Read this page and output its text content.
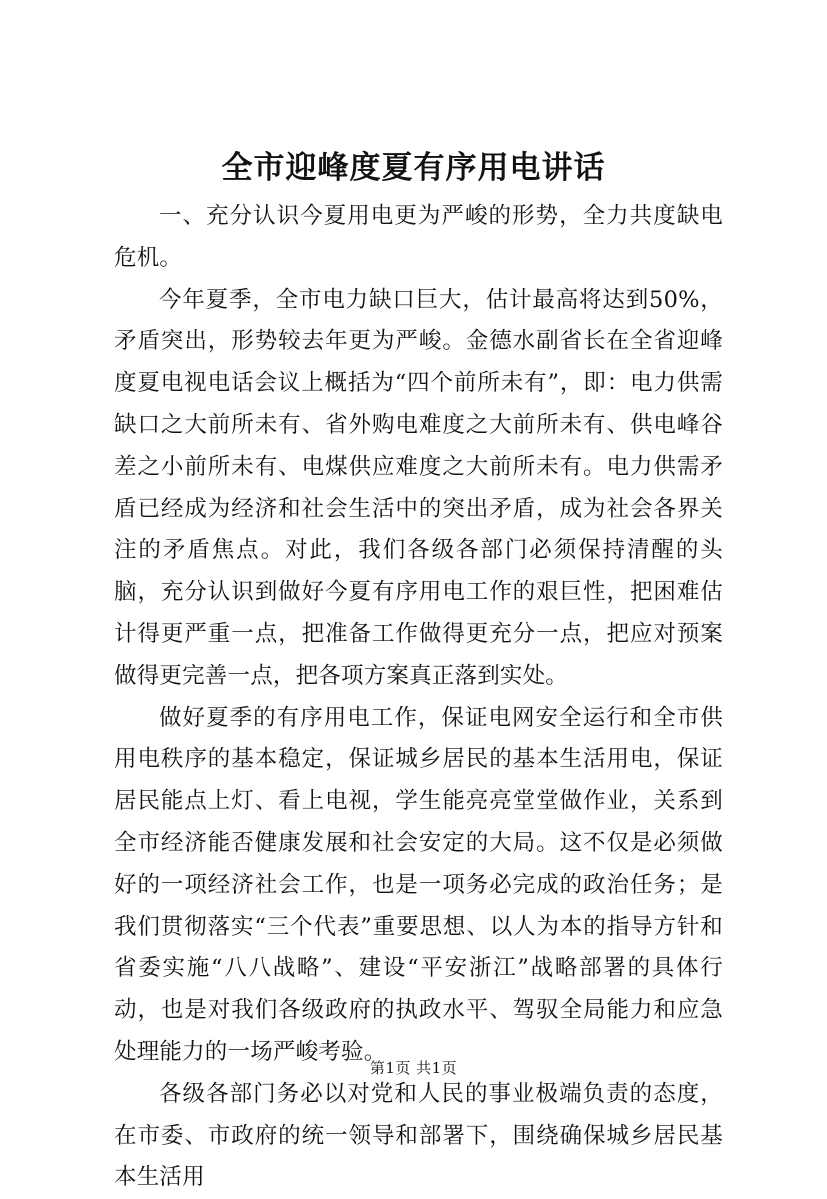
全市迎峰度夏有序用电讲话

一、充分认识今夏用电更为严峻的形势，全力共度缺电危机。

今年夏季，全市电力缺口巨大，估计最高将达到50%，矛盾突出，形势较去年更为严峻。金德水副省长在全省迎峰度夏电视电话会议上概括为“四个前所未有”，即：电力供需缺口之大前所未有、省外购电难度之大前所未有、供电峰谷差之小前所未有、电煤供应难度之大前所未有。电力供需矛盾已经成为经济和社会生活中的突出矛盾，成为社会各界关注的矛盾焦点。对此，我们各级各部门必须保持清醒的头脑，充分认识到做好今夏有序用电工作的艰巨性，把困难估计得更严重一点，把准备工作做得更充分一点，把应对预案做得更完善一点，把各项方案真正落到实处。

做好夏季的有序用电工作，保证电网安全运行和全市供用电秩序的基本稳定，保证城乡居民的基本生活用电，保证居民能点上灯、看上电视，学生能亮亮堂堂做作业，关系到全市经济能否健康发展和社会安定的大局。这不仅是必须做好的一项经济社会工作，也是一项务必完成的政治任务；是我们贯彻落实“三个代表”重要思想、以人为本的指导方针和省委实施“八八战略”、建设“平安浙江”战略部署的具体行动，也是对我们各级政府的执政水平、驾驭全局能力和应急处理能力的一场严峻考验。

各级各部门务必以对党和人民的事业极端负责的态度，在市委、市政府的统一领导和部署下，围绕确保城乡居民基本生活用

第1页 共1页
